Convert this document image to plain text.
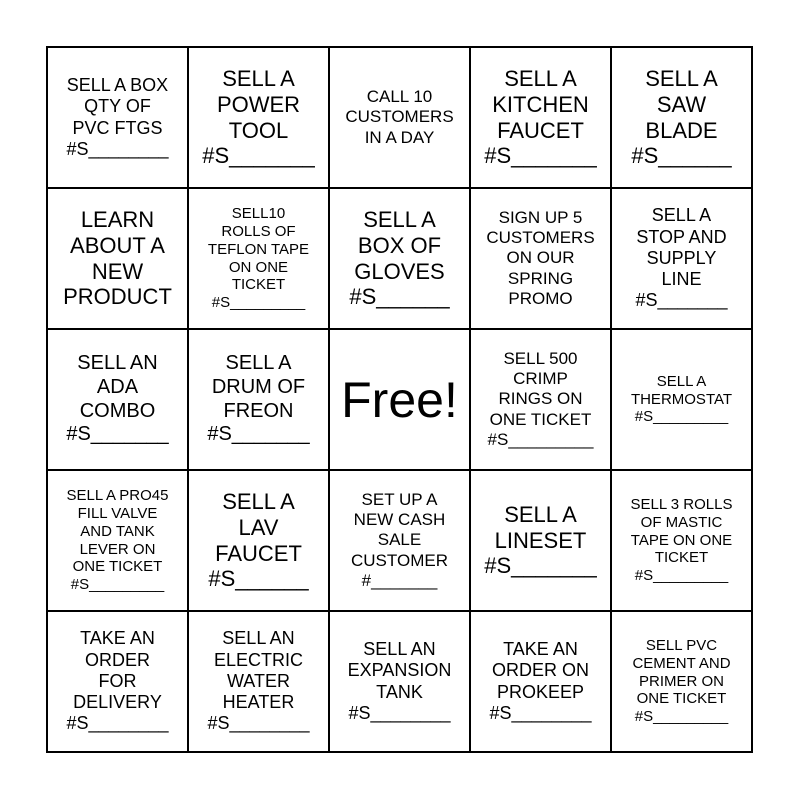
SELL A BOX
QTY OF
PVC FTGS
#S________
SELL A
POWER
TOOL
#S_______
CALL 10
CUSTOMERS
IN A DAY
SELL A
KITCHEN
FAUCET
#S_______
SELL A
SAW
BLADE
#S______
LEARN
ABOUT A
NEW
PRODUCT
SELL10
ROLLS OF
TEFLON TAPE
ON ONE
TICKET
#S_________
SELL A
BOX OF
GLOVES
#S______
SIGN UP 5
CUSTOMERS
ON OUR
SPRING
PROMO
SELL A
STOP AND
SUPPLY
LINE
#S_______
SELL AN
ADA
COMBO
#S_______
SELL A
DRUM OF
FREON
#S_______
Free!
SELL 500
CRIMP
RINGS ON
ONE TICKET
#S_________
SELL A
THERMOSTAT
#S_________
SELL A PRO45
FILL VALVE
AND TANK
LEVER ON
ONE TICKET
#S_________
SELL A
LAV
FAUCET
#S______
SET UP A
NEW CASH
SALE
CUSTOMER
#_______
SELL A
LINESET
#S_______
SELL 3 ROLLS
OF MASTIC
TAPE ON ONE
TICKET
#S_________
TAKE AN
ORDER
FOR
DELIVERY
#S________
SELL AN
ELECTRIC
WATER
HEATER
#S________
SELL AN
EXPANSION
TANK
#S________
TAKE AN
ORDER ON
PROKEEP
#S________
SELL PVC
CEMENT AND
PRIMER ON
ONE TICKET
#S_________
